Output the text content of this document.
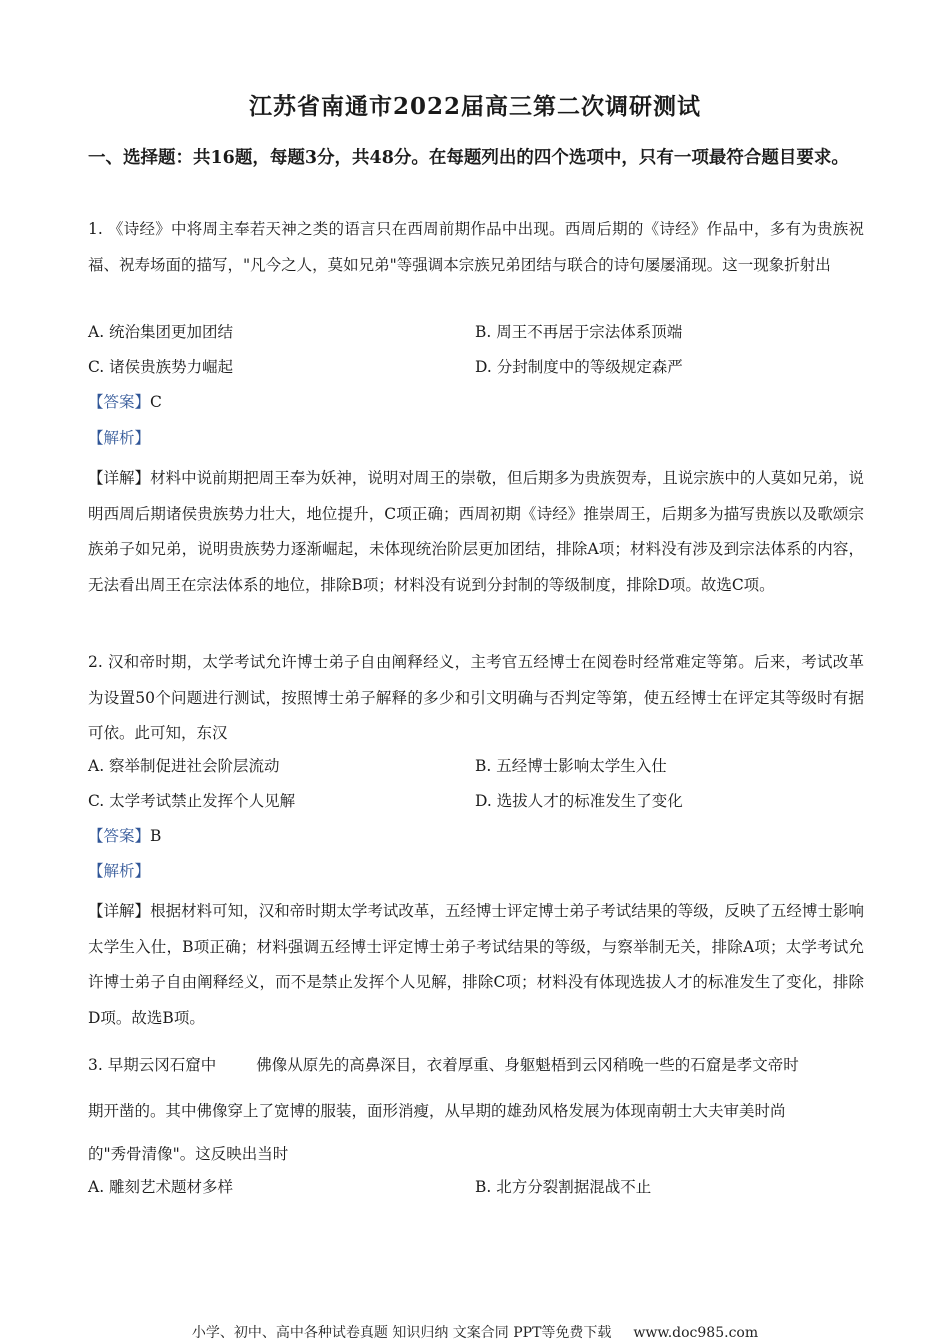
江苏省南通市2022届高三第二次调研测试
一、选择题：共16题，每题3分，共48分。在每题列出的四个选项中，只有一项最符合题目要求。

1. 《诗经》中将周主奉若天神之类的语言只在西周前期作品中出现。西周后期的《诗经》作品中，多有为贵族祝福、祝寿场面的描写，"凡今之人，莫如兄弟"等强调本宗族兄弟团结与联合的诗句屡屡涌现。这一现象折射出

A. 统治集团更加团结	B. 周王不再居于宗法体系顶端
C. 诸侯贵族势力崛起	D. 分封制度中的等级规定森严
【答案】C
【解析】

【详解】材料中说前期把周王奉为妖神，说明对周王的崇敬，但后期多为贵族贺寿，且说宗族中的人莫如兄弟，说明西周后期诸侯贵族势力壮大，地位提升，C项正确；西周初期《诗经》推崇周王，后期多为描写贵族以及歌颂宗族弟子如兄弟，说明贵族势力逐渐崛起，未体现统治阶层更加团结，排除A项；材料没有涉及到宗法体系的内容，无法看出周王在宗法体系的地位，排除B项；材料没有说到分封制的等级制度，排除D项。故选C项。

2. 汉和帝时期，太学考试允许博士弟子自由阐释经义，主考官五经博士在阅卷时经常难定等第。后来，考试改革为设置50个问题进行测试，按照博士弟子解释的多少和引文明确与否判定等第，使五经博士在评定其等级时有据可依。此可知，东汉

A. 察举制促进社会阶层流动	B. 五经博士影响太学生入仕
C. 太学考试禁止发挥个人见解	D. 选拔人才的标准发生了变化
【答案】B
【解析】

【详解】根据材料可知，汉和帝时期太学考试改革，五经博士评定博士弟子考试结果的等级，反映了五经博士影响太学生入仕，B项正确；材料强调五经博士评定博士弟子考试结果的等级，与察举制无关，排除A项；太学考试允许博士弟子自由阐释经义，而不是禁止发挥个人见解，排除C项；材料没有体现选拔人才的标准发生了变化，排除D项。故选B项。

3. 早期云冈石窟中	佛像从原先的高鼻深目，衣着厚重、身躯魁梧到云冈稍晚一些的石窟是孝文帝时
期开凿的。其中佛像穿上了宽博的服装，面形消瘦，从早期的雄劲风格发展为体现南朝士大夫审美时尚
的"秀骨清像"。这反映出当时
A. 雕刻艺术题材多样	B. 北方分裂割据混战不止
小学、初中、高中各种试卷真题 知识归纳 文案合同 PPT等免费下载 www.doc985.com
